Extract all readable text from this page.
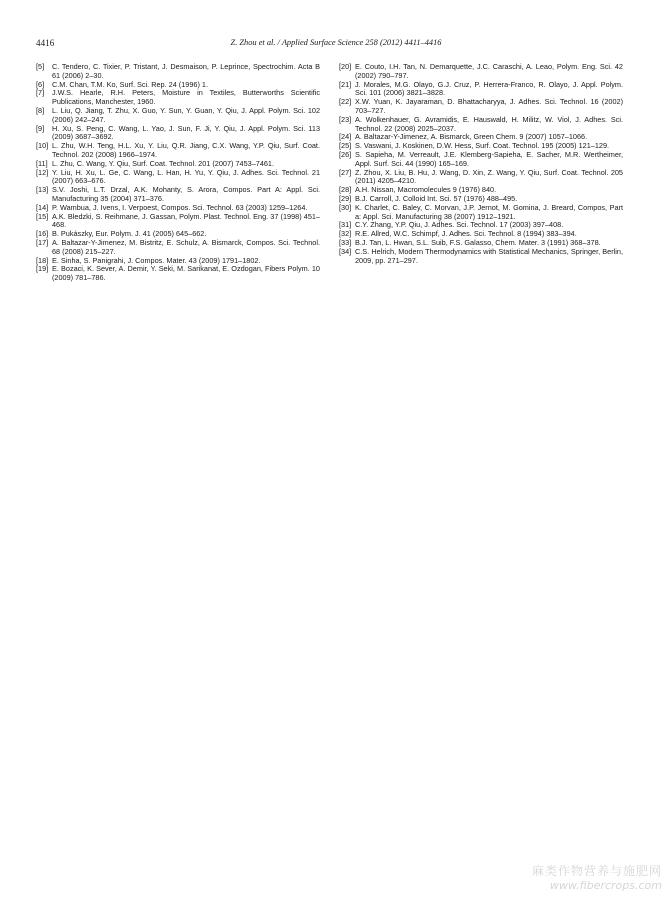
4416	Z. Zhou et al. / Applied Surface Science 258 (2012) 4411–4416

[5] C. Tendero, C. Tixier, P. Tristant, J. Desmaison, P. Leprince, Spectrochim. Acta B 61 (2006) 2–30.

[6] C.M. Chan, T.M. Ko, Surf. Sci. Rep. 24 (1996) 1.

[7] J.W.S. Hearle, R.H. Peters, Moisture in Textiles, Butterworths Scientific Publications, Manchester, 1960.

[8] L. Liu, Q. Jiang, T. Zhu, X. Guo, Y. Sun, Y. Guan, Y. Qiu, J. Appl. Polym. Sci. 102 (2006) 242–247.

[9] H. Xu, S. Peng, C. Wang, L. Yao, J. Sun, F. Ji, Y. Qiu, J. Appl. Polym. Sci. 113 (2009) 3687–3692.

[10] L. Zhu, W.H. Teng, H.L. Xu, Y. Liu, Q.R. Jiang, C.X. Wang, Y.P. Qiu, Surf. Coat. Technol. 202 (2008) 1966–1974.

[11] L. Zhu, C. Wang, Y. Qiu, Surf. Coat. Technol. 201 (2007) 7453–7461.

[12] Y. Liu, H. Xu, L. Ge, C. Wang, L. Han, H. Yu, Y. Qiu, J. Adhes. Sci. Technol. 21 (2007) 663–676.

[13] S.V. Joshi, L.T. Drzal, A.K. Mohanty, S. Arora, Compos. Part A: Appl. Sci. Manufacturing 35 (2004) 371–376.

[14] P. Wambua, J. Ivens, I. Verpoest, Compos. Sci. Technol. 63 (2003) 1259–1264.

[15] A.K. Bledzki, S. Reihmane, J. Gassan, Polym. Plast. Technol. Eng. 37 (1998) 451–468.

[16] B. Pukászky, Eur. Polym. J. 41 (2005) 645–662.

[17] A. Baltazar-Y-Jimenez, M. Bistritz, E. Schulz, A. Bismarck, Compos. Sci. Technol. 68 (2008) 215–227.

[18] E. Sinha, S. Panigrahi, J. Compos. Mater. 43 (2009) 1791–1802.

[19] E. Bozaci, K. Sever, A. Demir, Y. Seki, M. Sarikanat, E. Ozdogan, Fibers Polym. 10 (2009) 781–786.

[20] E. Couto, I.H. Tan, N. Demarquette, J.C. Caraschi, A. Leao, Polym. Eng. Sci. 42 (2002) 790–797.

[21] J. Morales, M.G. Olayo, G.J. Cruz, P. Herrera-Franco, R. Olayo, J. Appl. Polym. Sci. 101 (2006) 3821–3828.

[22] X.W. Yuan, K. Jayaraman, D. Bhattacharyya, J. Adhes. Sci. Technol. 16 (2002) 703–727.

[23] A. Wolkenhauer, G. Avramidis, E. Hauswald, H. Militz, W. Viol, J. Adhes. Sci. Technol. 22 (2008) 2025–2037.

[24] A. Baltazar-Y-Jimenez, A. Bismarck, Green Chem. 9 (2007) 1057–1066.

[25] S. Vaswani, J. Koskinen, D.W. Hess, Surf. Coat. Technol. 195 (2005) 121–129.

[26] S. Sapieha, M. Verreault, J.E. Klemberg-Sapieha, E. Sacher, M.R. Wertheimer, Appl. Surf. Sci. 44 (1990) 165–169.

[27] Z. Zhou, X. Liu, B. Hu, J. Wang, D. Xin, Z. Wang, Y. Qiu, Surf. Coat. Technol. 205 (2011) 4205–4210.

[28] A.H. Nissan, Macromolecules 9 (1976) 840.

[29] B.J. Carroll, J. Colloid Int. Sci. 57 (1976) 488–495.

[30] K. Charlet, C. Baley, C. Morvan, J.P. Jernot, M. Gomina, J. Breard, Compos, Part a: Appl. Sci. Manufacturing 38 (2007) 1912–1921.

[31] C.Y. Zhang, Y.P. Qiu, J. Adhes. Sci. Technol. 17 (2003) 397–408.

[32] R.E. Allred, W.C. Schimpf, J. Adhes. Sci. Technol. 8 (1994) 383–394.

[33] B.J. Tan, L. Hwan, S.L. Suib, F.S. Galasso, Chem. Mater. 3 (1991) 368–378.

[34] C.S. Helrich, Modern Thermodynamics with Statistical Mechanics, Springer, Berlin, 2009, pp. 271–297.

麻类作物营养与施肥网
www.fibercrops.com
